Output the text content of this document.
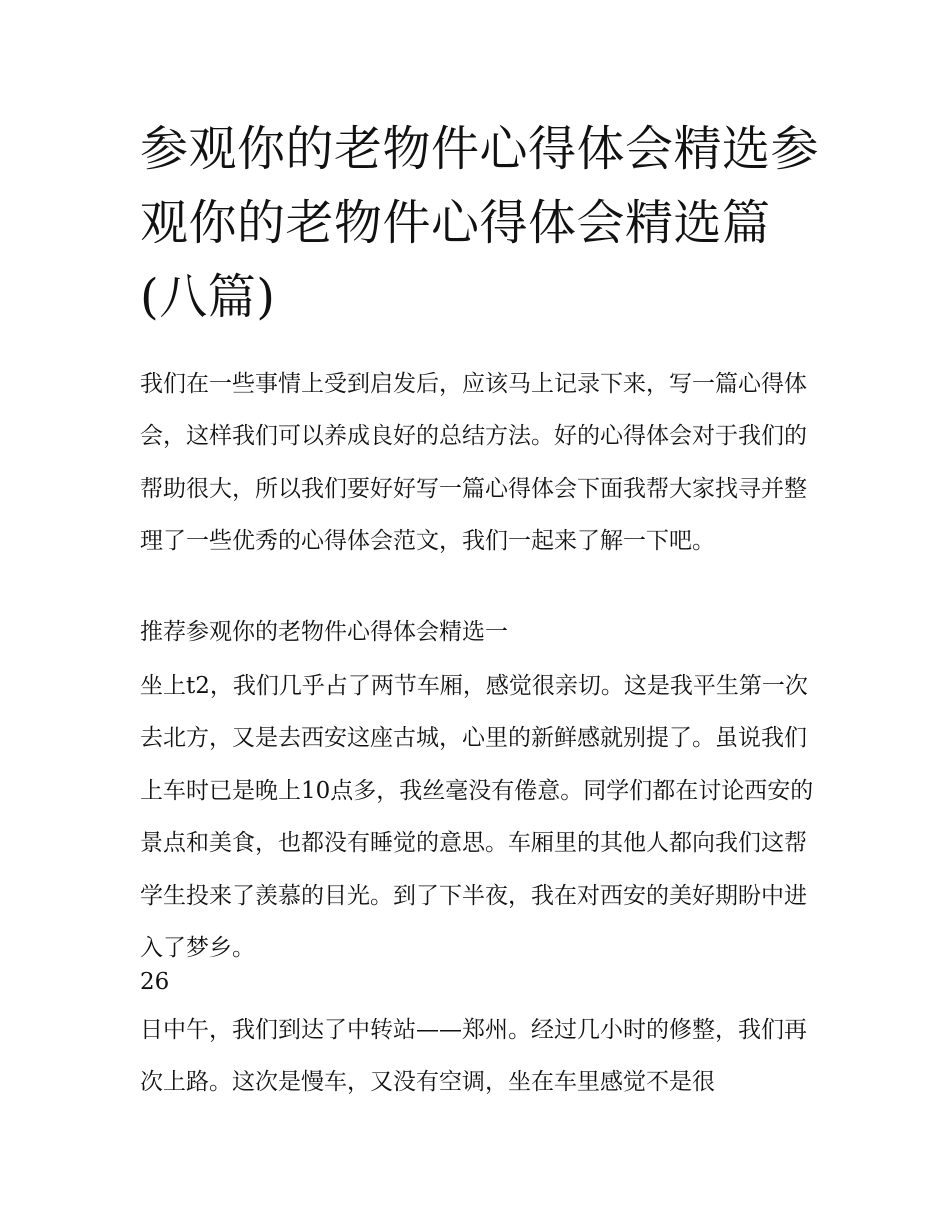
参观你的老物件心得体会精选参观你的老物件心得体会精选篇(八篇)

我们在一些事情上受到启发后，应该马上记录下来，写一篇心得体会，这样我们可以养成良好的总结方法。好的心得体会对于我们的帮助很大，所以我们要好好写一篇心得体会下面我帮大家找寻并整理了一些优秀的心得体会范文，我们一起来了解一下吧。

推荐参观你的老物件心得体会精选一

坐上t2，我们几乎占了两节车厢，感觉很亲切。这是我平生第一次去北方，又是去西安这座古城，心里的新鲜感就别提了。虽说我们上车时已是晚上10点多，我丝毫没有倦意。同学们都在讨论西安的景点和美食，也都没有睡觉的意思。车厢里的其他人都向我们这帮学生投来了羡慕的目光。到了下半夜，我在对西安的美好期盼中进入了梦乡。

26

日中午，我们到达了中转站——郑州。经过几小时的修整，我们再次上路。这次是慢车，又没有空调，坐在车里感觉不是很
